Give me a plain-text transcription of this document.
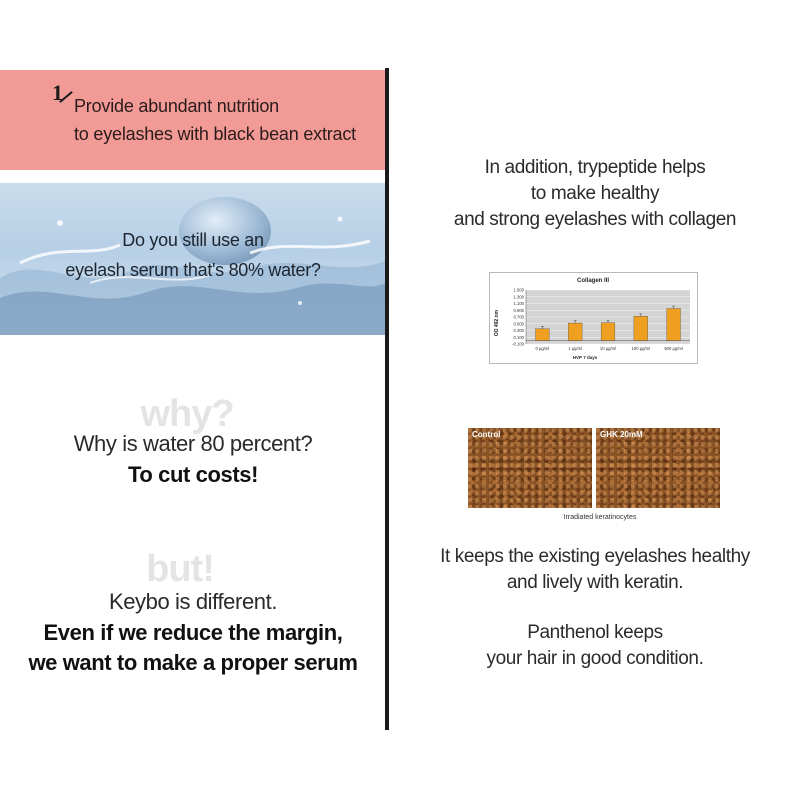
1
Provide abundant nutrition
to eyelashes with black bean extract
Do you still use an
eyelash serum that's 80% water?
why?
Why is water 80 percent?
To cut costs!
but!
Keybo is different.
Even if we reduce the margin,
we want to make a proper serum
In addition, trypeptide helps
to make healthy
and strong eyelashes with collagen
Collagen III
OD 492 nm
HVP 7 days
1.500
1.300
1.100
0.900
0.700
0.500
0.300
0.100
-0.100
0 µg/ml	1 µg/ml	10 µg/ml	100 µg/ml	500 µg/ml
Control	GHK 20mM
Irradiated keratinocytes
It keeps the existing eyelashes healthy
and lively with keratin.
Panthenol keeps
your hair in good condition.
